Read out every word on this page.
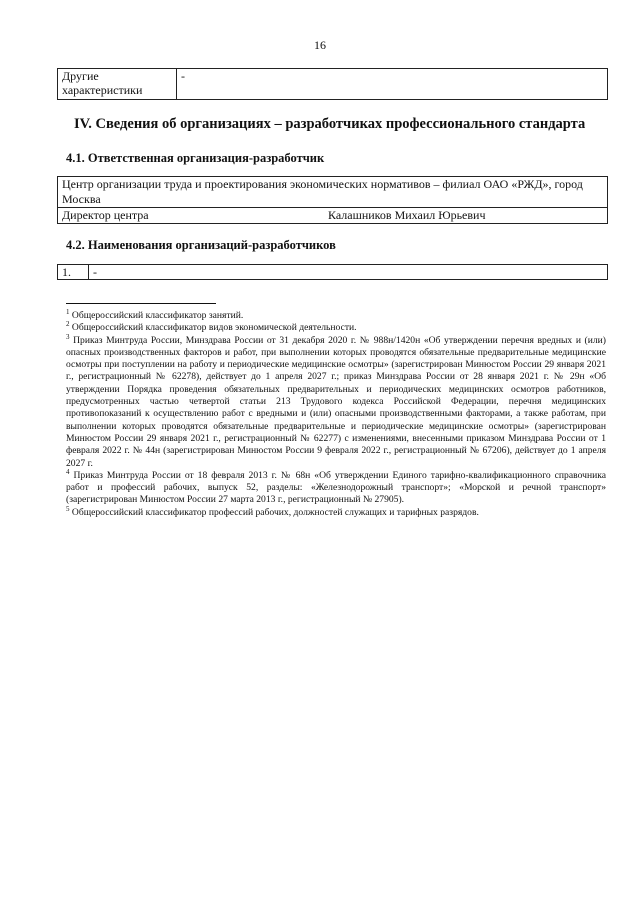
16
Другие характеристики	-
IV. Сведения об организациях – разработчиках профессионального стандарта
4.1. Ответственная организация-разработчик
Центр организации труда и проектирования экономических нормативов – филиал ОАО «РЖД», город Москва

Директор центра	Калашников Михаил Юрьевич
4.2. Наименования организаций-разработчиков
1.	-

$^1$ Общероссийский классификатор занятий.

$^2$ Общероссийский классификатор видов экономической деятельности.

$^3$ Приказ Минтруда России, Минздрава России от 31 декабря 2020 г. № 988н/1420н «Об утверждении перечня вредных и (или) опасных производственных факторов и работ, при выполнении которых проводятся обязательные предварительные медицинские осмотры при поступлении на работу и периодические медицинские осмотры» (зарегистрирован Минюстом России 29 января 2021 г., регистрационный № 62278), действует до 1 апреля 2027 г.; приказ Минздрава России от 28 января 2021 г. № 29н «Об утверждении Порядка проведения обязательных предварительных и периодических медицинских осмотров работников, предусмотренных частью четвертой статьи 213 Трудового кодекса Российской Федерации, перечня медицинских противопоказаний к осуществлению работ с вредными и (или) опасными производственными факторами, а также работам, при выполнении которых проводятся обязательные предварительные и периодические медицинские осмотры» (зарегистрирован Минюстом России 29 января 2021 г., регистрационный № 62277) с изменениями, внесенными приказом Минздрава России от 1 февраля 2022 г. № 44н (зарегистрирован Минюстом России 9 февраля 2022 г., регистрационный № 67206), действует до 1 апреля 2027 г.

$^4$ Приказ Минтруда России от 18 февраля 2013 г. № 68н «Об утверждении Единого тарифно-квалификационного справочника работ и профессий рабочих, выпуск 52, разделы: «Железнодорожный транспорт»; «Морской и речной транспорт» (зарегистрирован Минюстом России 27 марта 2013 г., регистрационный № 27905).

$^5$ Общероссийский классификатор профессий рабочих, должностей служащих и тарифных разрядов.
